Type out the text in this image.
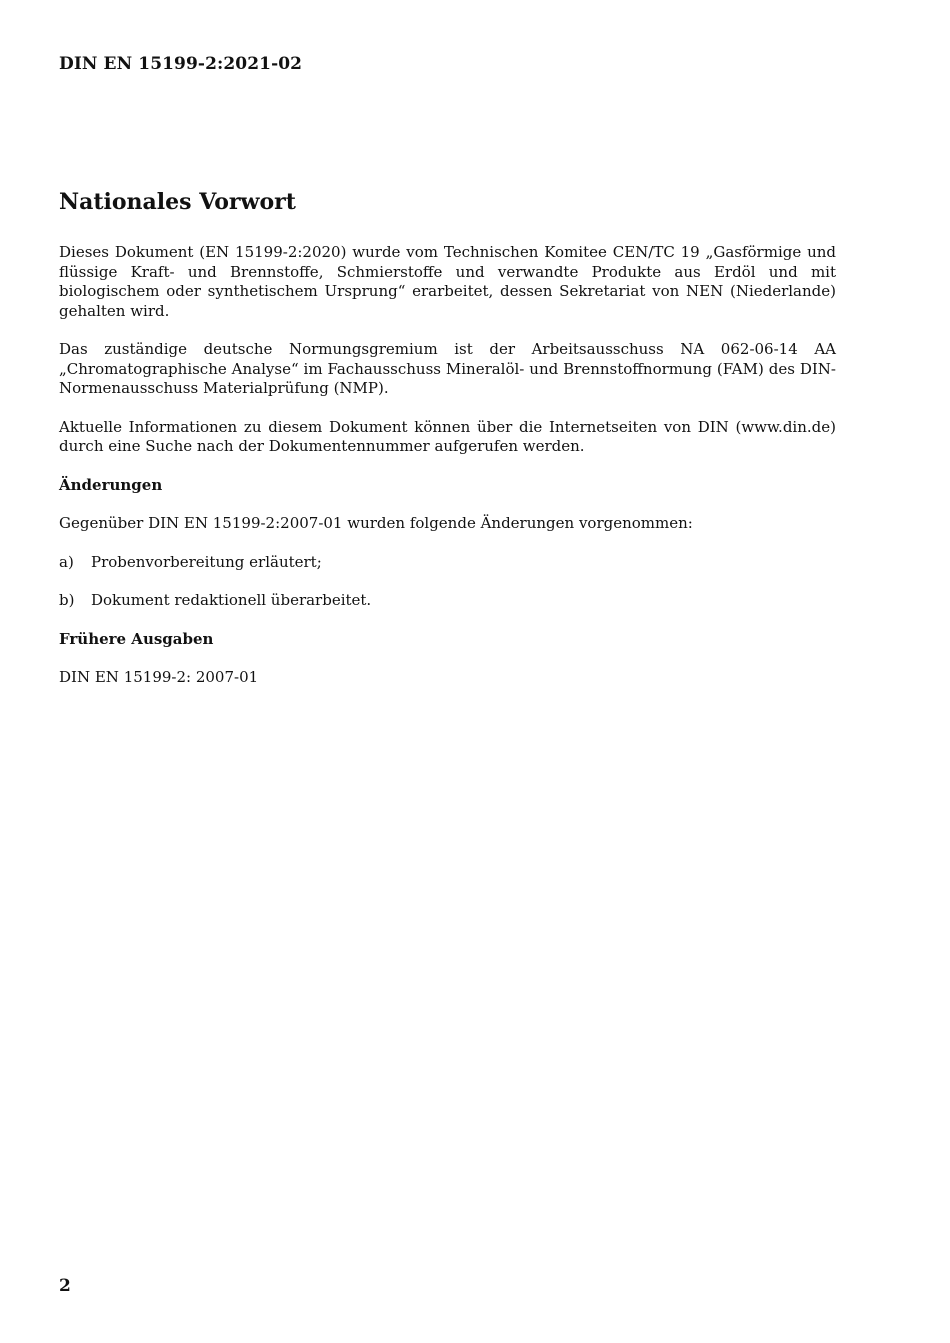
DIN EN 15199-2:2021-02
Nationales Vorwort

Dieses Dokument (EN 15199-2:2020) wurde vom Technischen Komitee CEN/TC 19 „Gasförmige und flüssige Kraft- und Brennstoffe, Schmierstoffe und verwandte Produkte aus Erdöl und mit biologischem oder synthetischem Ursprung“ erarbeitet, dessen Sekretariat von NEN (Niederlande) gehalten wird.

Das zuständige deutsche Normungsgremium ist der Arbeitsausschuss NA 062-06-14 AA „Chromatographische Analyse“ im Fachausschuss Mineralöl- und Brennstoffnormung (FAM) des DIN-Normenausschuss Materialprüfung (NMP).

Aktuelle Informationen zu diesem Dokument können über die Internetseiten von DIN (www.din.de) durch eine Suche nach der Dokumentennummer aufgerufen werden.

Änderungen

Gegenüber DIN EN 15199-2:2007-01 wurden folgende Änderungen vorgenommen:

a)	Probenvorbereitung erläutert;
b)	Dokument redaktionell überarbeitet.
Frühere Ausgaben

DIN EN 15199-2: 2007-01

2
